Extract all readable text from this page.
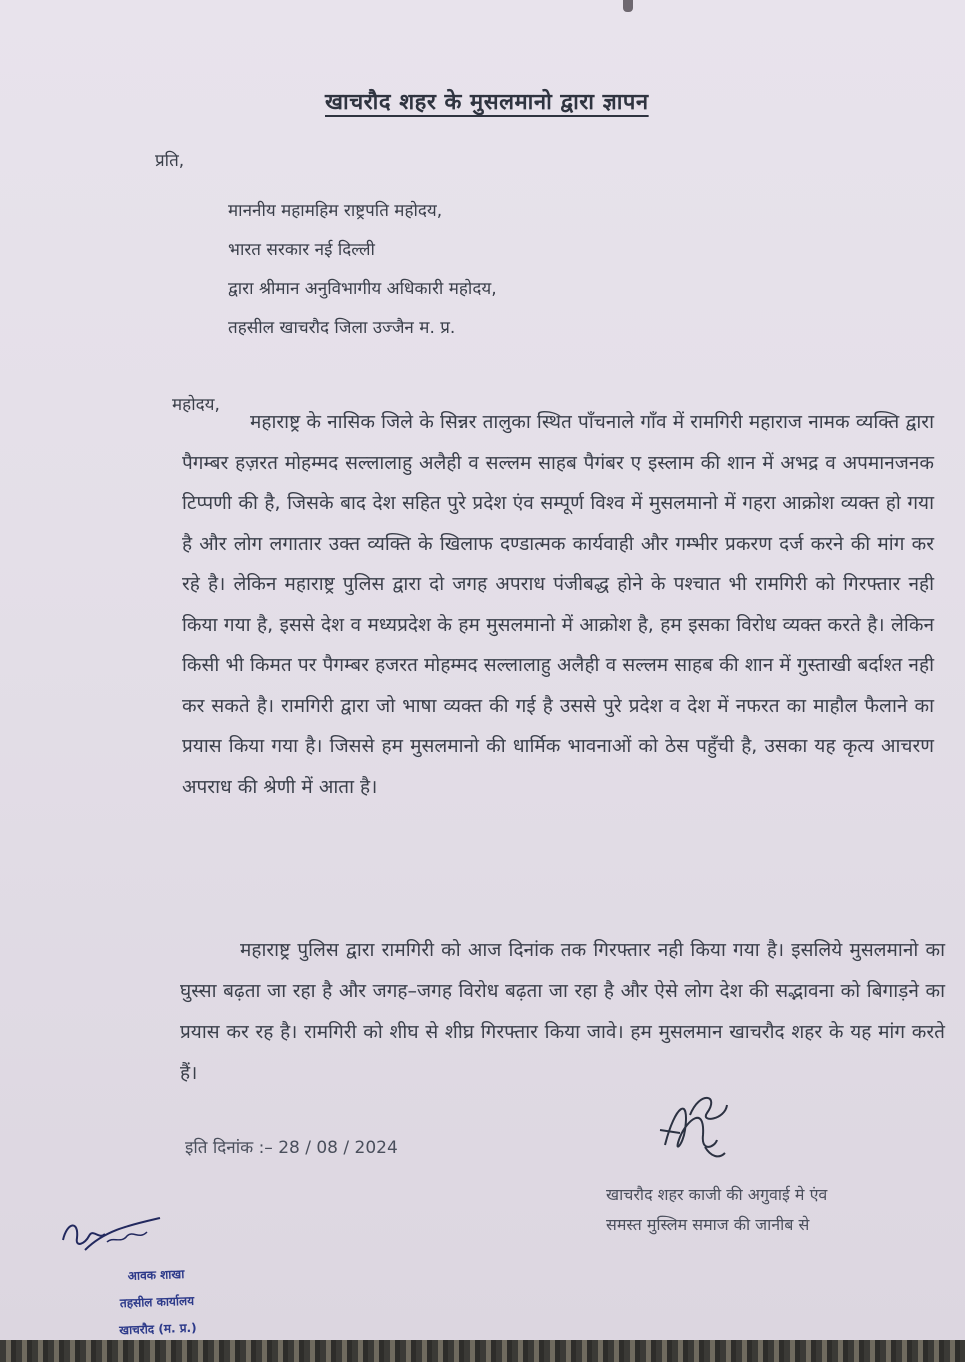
खाचरौद शहर के मुसलमानो द्वारा ज्ञापन
प्रति,
माननीय महामहिम राष्ट्रपति महोदय,
भारत सरकार नई दिल्ली
द्वारा श्रीमान अनुविभागीय अधिकारी महोदय,
तहसील खाचरौद जिला उज्जैन म. प्र.
महोदय,

महाराष्ट्र के नासिक जिले के सिन्नर तालुका स्थित पाँचनाले गाँव में रामगिरी महाराज नामक व्यक्ति द्वारा पैगम्बर हज़रत मोहम्मद सल्लालाहु अलैही व सल्लम साहब पैगंबर ए इस्लाम की शान में अभद्र व अपमानजनक टिप्पणी की है, जिसके बाद देश सहित पुरे प्रदेश एंव सम्पूर्ण विश्व में मुसलमानो में गहरा आक्रोश व्यक्त हो गया है और लोग लगातार उक्त व्यक्ति के खिलाफ दण्डात्मक कार्यवाही और गम्भीर प्रकरण दर्ज करने की मांग कर रहे है। लेकिन महाराष्ट्र पुलिस द्वारा दो जगह अपराध पंजीबद्ध होने के पश्चात भी रामगिरी को गिरफ्तार नही किया गया है, इससे देश व मध्यप्रदेश के हम मुसलमानो में आक्रोश है, हम इसका विरोध व्यक्त करते है। लेकिन किसी भी किमत पर पैगम्बर हजरत मोहम्मद सल्लालाहु अलैही व सल्लम साहब की शान में गुस्ताखी बर्दाश्त नही कर सकते है। रामगिरी द्वारा जो भाषा व्यक्त की गई है उससे पुरे प्रदेश व देश में नफरत का माहौल फैलाने का प्रयास किया गया है। जिससे हम मुसलमानो की धार्मिक भावनाओं को ठेस पहुँची है, उसका यह कृत्य आचरण अपराध की श्रेणी में आता है।

महाराष्ट्र पुलिस द्वारा रामगिरी को आज दिनांक तक गिरफ्तार नही किया गया है। इसलिये मुसलमानो का घुस्सा बढ़ता जा रहा है और जगह–जगह विरोध बढ़ता जा रहा है और ऐसे लोग देश की सद्भावना को बिगाड़ने का प्रयास कर रह है। रामगिरी को शीघ से शीघ्र गिरफ्तार किया जावे। हम मुसलमान खाचरौद शहर के यह मांग करते हैं।

इति दिनांक :– 28 / 08 / 2024
खाचरौद शहर काजी की अगुवाई मे एंव
समस्त मुस्लिम समाज की जानीब से
आवक शाखा
तहसील कार्यालय
खाचरौद (म. प्र.)
